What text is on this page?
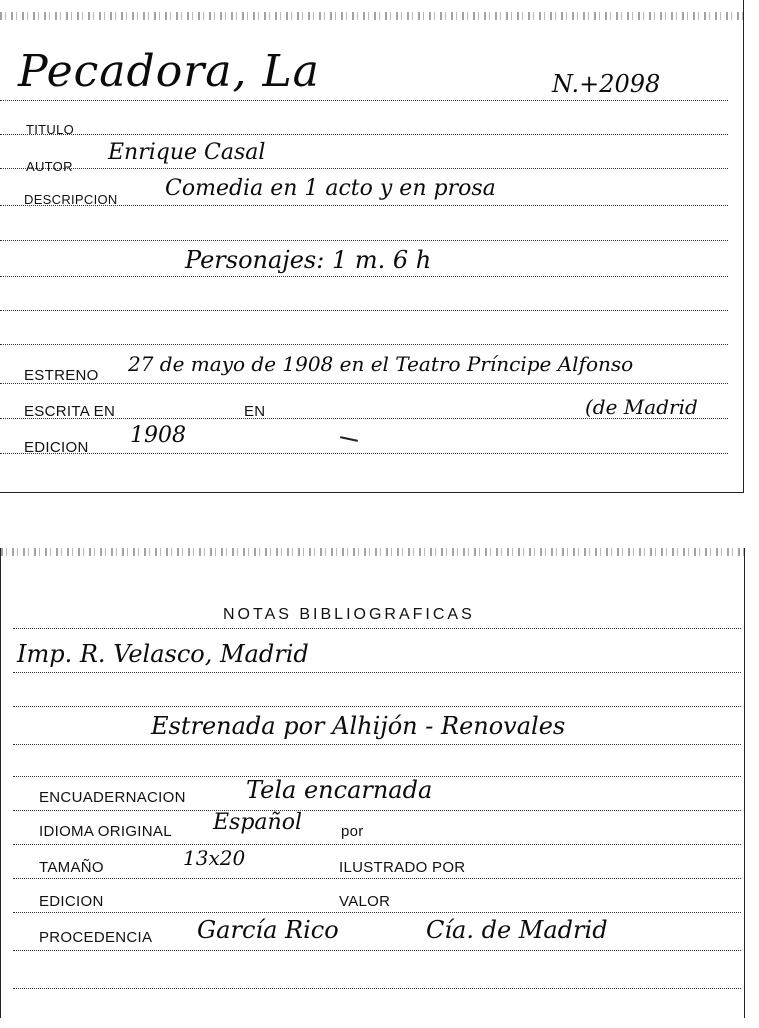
Pecadora, La	N.+2098
TITULO
AUTOR
Enrique Casal
DESCRIPCION Comedia en 1 acto y en prosa
Personajes: 1 m. 6 h
ESTRENO 27 de mayo de 1908 en el Teatro Príncipe Alfonso
ESCRITA EN	EN	(de Madrid
EDICION 1908
NOTAS BIBLIOGRAFICAS
Imp. R. Velasco, Madrid
Estrenada por Alhijón - Renovales
ENCUADERNACION	Tela encarnada
IDIOMA ORIGINAL Español	por
TAMAÑO	13x20	ILUSTRADO POR
EDICION	VALOR
PROCEDENCIA García Rico	Cía. de Madrid
